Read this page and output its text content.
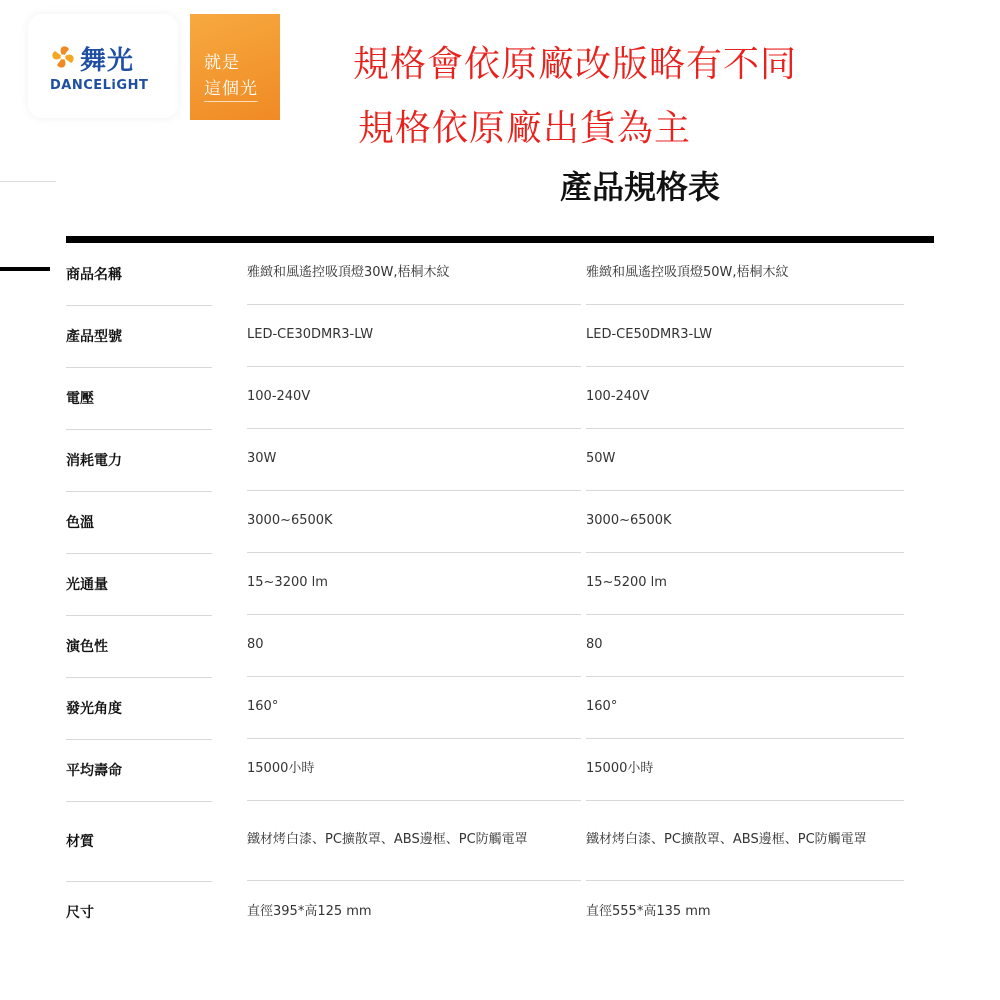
舞光
DANCELiGHT
就是
這個光
規格會依原廠改版略有不同
規格依原廠出貨為主
產品規格表
商品名稱	雅緻和風遙控吸頂燈30W,梧桐木紋	雅緻和風遙控吸頂燈50W,梧桐木紋
產品型號	LED-CE30DMR3-LW	LED-CE50DMR3-LW
電壓	100-240V	100-240V
消耗電力	30W	50W
色溫	3000~6500K	3000~6500K
光通量	15~3200 lm	15~5200 lm
演色性	80	80
發光角度	160°	160°
平均壽命	15000小時	15000小時
材質	鐵材烤白漆、PC擴散罩、ABS邊框、PC防觸電罩	鐵材烤白漆、PC擴散罩、ABS邊框、PC防觸電罩
尺寸	直徑395*高125 mm	直徑555*高135 mm
